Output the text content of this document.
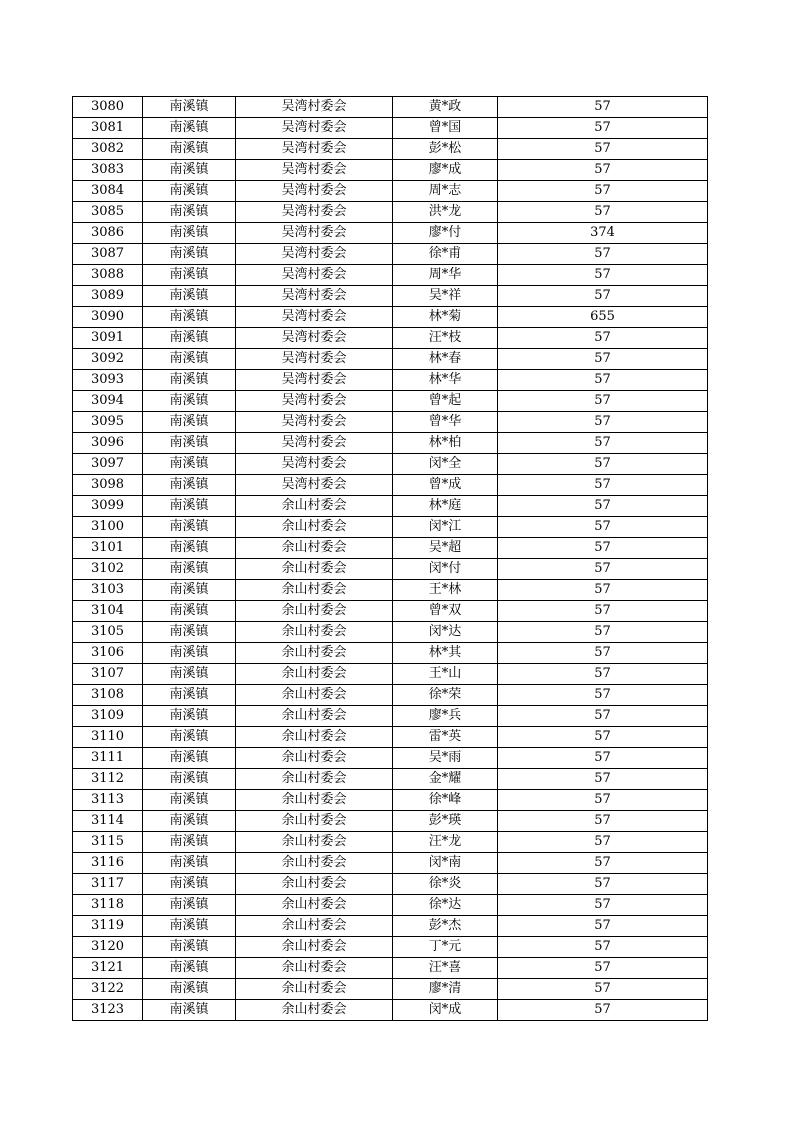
3080	南溪镇	吴湾村委会	黄*政	57
3081	南溪镇	吴湾村委会	曾*国	57
3082	南溪镇	吴湾村委会	彭*松	57
3083	南溪镇	吴湾村委会	廖*成	57
3084	南溪镇	吴湾村委会	周*志	57
3085	南溪镇	吴湾村委会	洪*龙	57
3086	南溪镇	吴湾村委会	廖*付	374
3087	南溪镇	吴湾村委会	徐*甫	57
3088	南溪镇	吴湾村委会	周*华	57
3089	南溪镇	吴湾村委会	吴*祥	57
3090	南溪镇	吴湾村委会	林*菊	655
3091	南溪镇	吴湾村委会	汪*枝	57
3092	南溪镇	吴湾村委会	林*春	57
3093	南溪镇	吴湾村委会	林*华	57
3094	南溪镇	吴湾村委会	曾*起	57
3095	南溪镇	吴湾村委会	曾*华	57
3096	南溪镇	吴湾村委会	林*柏	57
3097	南溪镇	吴湾村委会	闵*全	57
3098	南溪镇	吴湾村委会	曾*成	57
3099	南溪镇	余山村委会	林*庭	57
3100	南溪镇	余山村委会	闵*江	57
3101	南溪镇	余山村委会	吴*超	57
3102	南溪镇	余山村委会	闵*付	57
3103	南溪镇	余山村委会	王*林	57
3104	南溪镇	余山村委会	曾*双	57
3105	南溪镇	余山村委会	闵*达	57
3106	南溪镇	余山村委会	林*其	57
3107	南溪镇	余山村委会	王*山	57
3108	南溪镇	余山村委会	徐*荣	57
3109	南溪镇	余山村委会	廖*兵	57
3110	南溪镇	余山村委会	雷*英	57
3111	南溪镇	余山村委会	吴*雨	57
3112	南溪镇	余山村委会	金*耀	57
3113	南溪镇	余山村委会	徐*峰	57
3114	南溪镇	余山村委会	彭*瑛	57
3115	南溪镇	余山村委会	汪*龙	57
3116	南溪镇	余山村委会	闵*南	57
3117	南溪镇	余山村委会	徐*炎	57
3118	南溪镇	余山村委会	徐*达	57
3119	南溪镇	余山村委会	彭*杰	57
3120	南溪镇	余山村委会	丁*元	57
3121	南溪镇	余山村委会	汪*喜	57
3122	南溪镇	余山村委会	廖*清	57
3123	南溪镇	余山村委会	闵*成	57
